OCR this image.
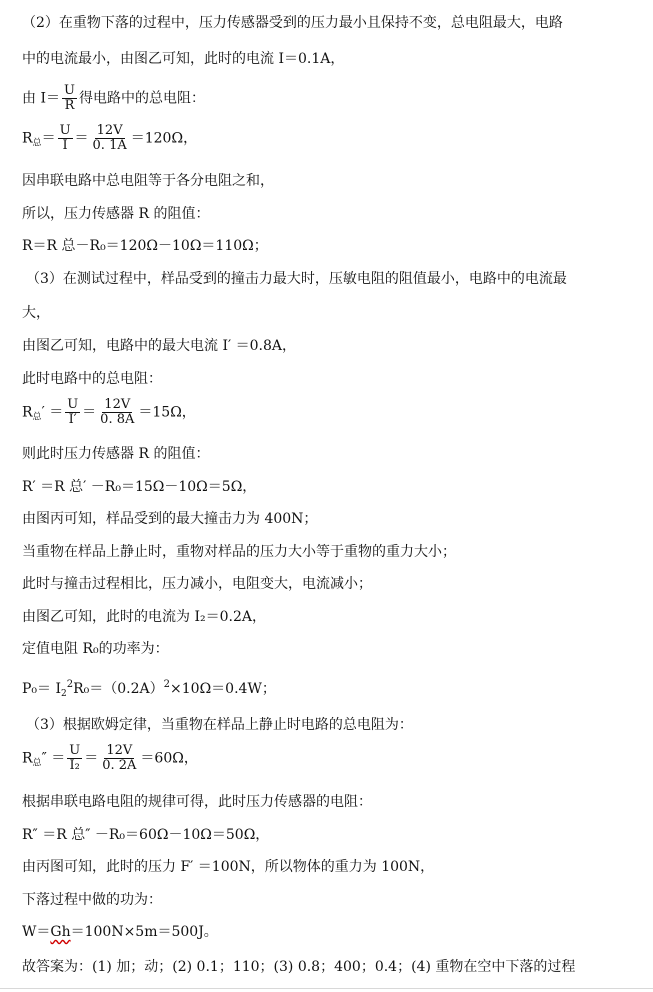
（2）在重物下落的过程中，压力传感器受到的压力最小且保持不变，总电阻最大，电路
中的电流最小，由图乙可知，此时的电流 I＝0.1A，
由 $I= \frac{U}{R}$ 得电路中的总电阻：
$R_总= \frac{U}{I} = \frac{12V}{0. 1A} =120\Omega$，
因串联电路中总电阻等于各分电阻之和，
所以，压力传感器 R 的阻值：
R＝R 总－R₀＝120Ω－10Ω＝110Ω；
（3）在测试过程中，样品受到的撞击力最大时，压敏电阻的阻值最小，电路中的电流最
大，
由图乙可知，电路中的最大电流 I′ ＝0.8A，
此时电路中的总电阻：
$R_总' = \frac{U}{I'} = \frac{12V}{0. 8A} =15\Omega$，
则此时压力传感器 R 的阻值：
R′ ＝R 总′ －R₀＝15Ω－10Ω＝5Ω，
由图丙可知，样品受到的最大撞击力为 400N；
当重物在样品上静止时，重物对样品的压力大小等于重物的重力大小；
此时与撞击过程相比，压力减小，电阻变大，电流减小；
由图乙可知，此时的电流为 I₂＝0.2A，
定值电阻 R₀的功率为：
$P_0= I_2^2R_0=(0.2A)^2\times 10\Omega=0.4W$；
（3）根据欧姆定律，当重物在样品上静止时电路的总电阻为：
$R_总'' = \frac{U}{\text{I₂}} = \frac{12V}{0. 2A} =60\Omega$，
根据串联电路电阻的规律可得，此时压力传感器的电阻：
R″ ＝R 总″ －R₀＝60Ω－10Ω＝50Ω，
由丙图可知，此时的压力 F′ ＝100N，所以物体的重力为 100N，
下落过程中做的功为：
W＝Gh＝100N×5m＝500J。
故答案为：(1) 加；动；(2) 0.1；110；(3) 0.8；400；0.4；(4) 重物在空中下落的过程
